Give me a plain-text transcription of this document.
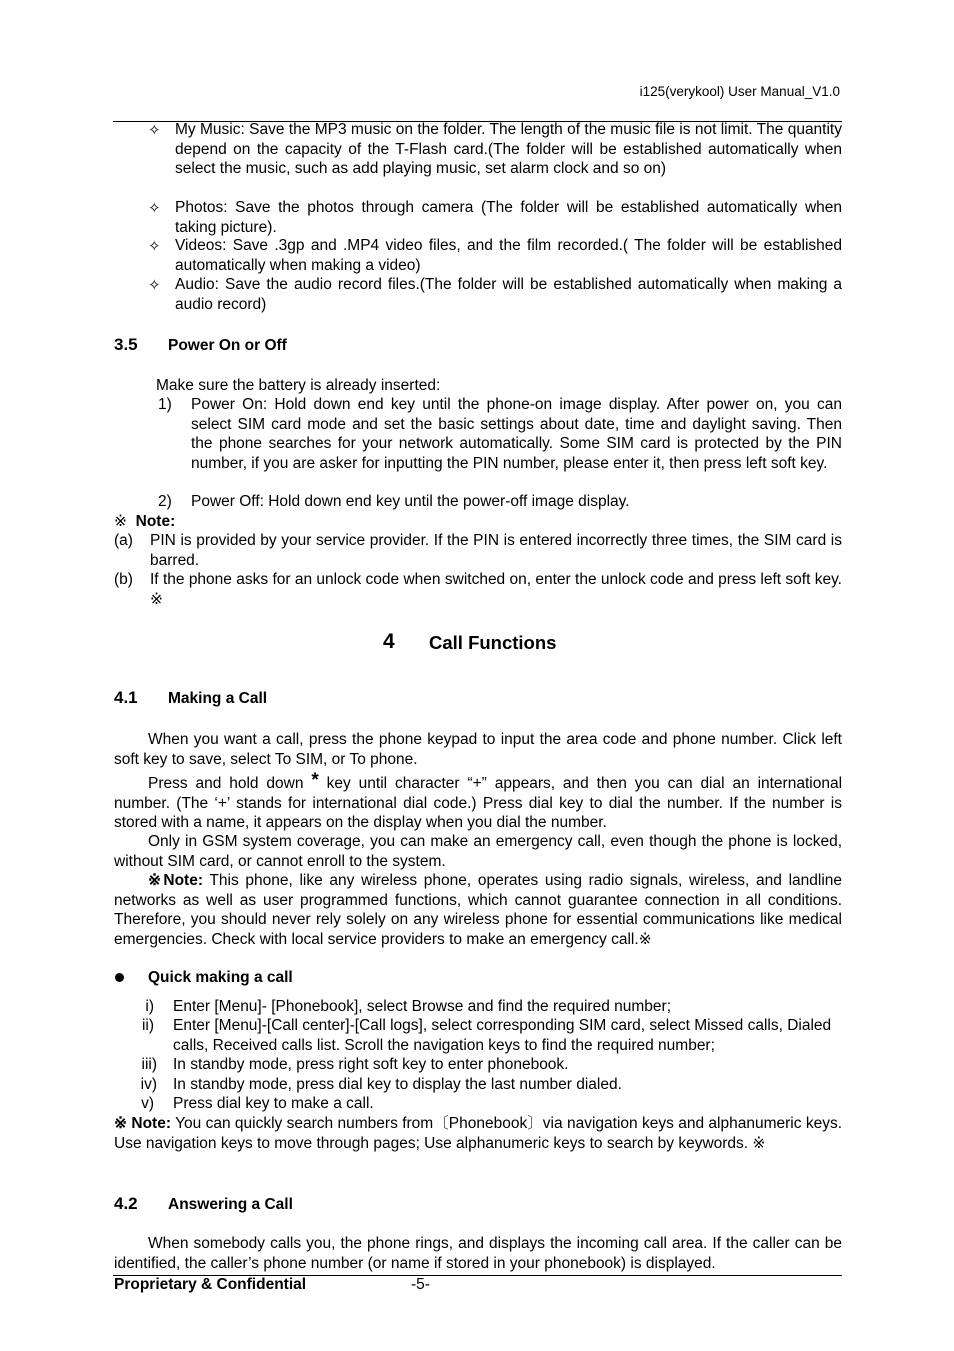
i125(verykool) User Manual_V1.0
✧ My Music: Save the MP3 music on the folder. The length of the music file is not limit. The quantity depend on the capacity of the T-Flash card.(The folder will be established automatically when select the music, such as add playing music, set alarm clock and so on)
✧ Photos: Save the photos through camera (The folder will be established automatically when taking picture).
✧ Videos: Save .3gp and .MP4 video files, and the film recorded.( The folder will be established automatically when making a video)
✧ Audio: Save the audio record files.(The folder will be established automatically when making a audio record)
3.5 Power On or Off
Make sure the battery is already inserted:
1) Power On: Hold down end key until the phone-on image display. After power on, you can select SIM card mode and set the basic settings about date, time and daylight saving. Then the phone searches for your network automatically. Some SIM card is protected by the PIN number, if you are asker for inputting the PIN number, please enter it, then press left soft key.
2) Power Off: Hold down end key until the power-off image display.
※ Note:
(a) PIN is provided by your service provider. If the PIN is entered incorrectly three times, the SIM card is barred.
(b) If the phone asks for an unlock code when switched on, enter the unlock code and press left soft key. ※
4 Call Functions
4.1 Making a Call
When you want a call, press the phone keypad to input the area code and phone number. Click left soft key to save, select To SIM, or To phone.
Press and hold down * key until character “+” appears, and then you can dial an international number. (The ‘+’ stands for international dial code.) Press dial key to dial the number. If the number is stored with a name, it appears on the display when you dial the number.
Only in GSM system coverage, you can make an emergency call, even though the phone is locked, without SIM card, or cannot enroll to the system.
※Note: This phone, like any wireless phone, operates using radio signals, wireless, and landline networks as well as user programmed functions, which cannot guarantee connection in all conditions. Therefore, you should never rely solely on any wireless phone for essential communications like medical emergencies. Check with local service providers to make an emergency call.※
Quick making a call
i) Enter [Menu]- [Phonebook], select Browse and find the required number;
ii) Enter [Menu]-[Call center]-[Call logs], select corresponding SIM card, select Missed calls, Dialed calls, Received calls list. Scroll the navigation keys to find the required number;
iii) In standby mode, press right soft key to enter phonebook.
iv) In standby mode, press dial key to display the last number dialed.
v) Press dial key to make a call.
※ Note: You can quickly search numbers from〔Phonebook〕via navigation keys and alphanumeric keys. Use navigation keys to move through pages; Use alphanumeric keys to search by keywords. ※
4.2 Answering a Call
When somebody calls you, the phone rings, and displays the incoming call area. If the caller can be identified, the caller’s phone number (or name if stored in your phonebook) is displayed.
Proprietary & Confidential	-5-
